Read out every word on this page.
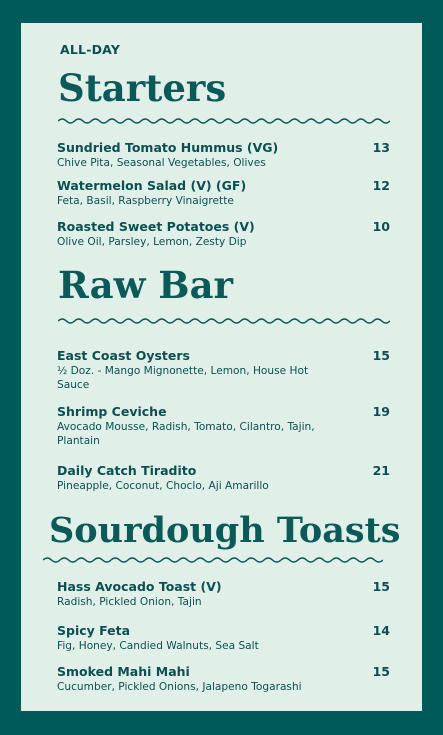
ALL-DAY
Starters
Sundried Tomato Hummus (VG)
Chive Pita, Seasonal Vegetables, Olives
13
Watermelon Salad (V) (GF)
Feta, Basil, Raspberry Vinaigrette
12
Roasted Sweet Potatoes (V)
Olive Oil, Parsley, Lemon, Zesty Dip
10
Raw Bar
East Coast Oysters
½ Doz. - Mango Mignonette, Lemon, House Hot Sauce
15
Shrimp Ceviche
Avocado Mousse, Radish, Tomato, Cilantro, Tajin, Plantain
19
Daily Catch Tiradito
Pineapple, Coconut, Choclo, Aji Amarillo
21
Sourdough Toasts
Hass Avocado Toast (V)
Radish, Pickled Onion, Tajin
15
Spicy Feta
Fig, Honey, Candied Walnuts, Sea Salt
14
Smoked Mahi Mahi
Cucumber, Pickled Onions, Jalapeno Togarashi
15
